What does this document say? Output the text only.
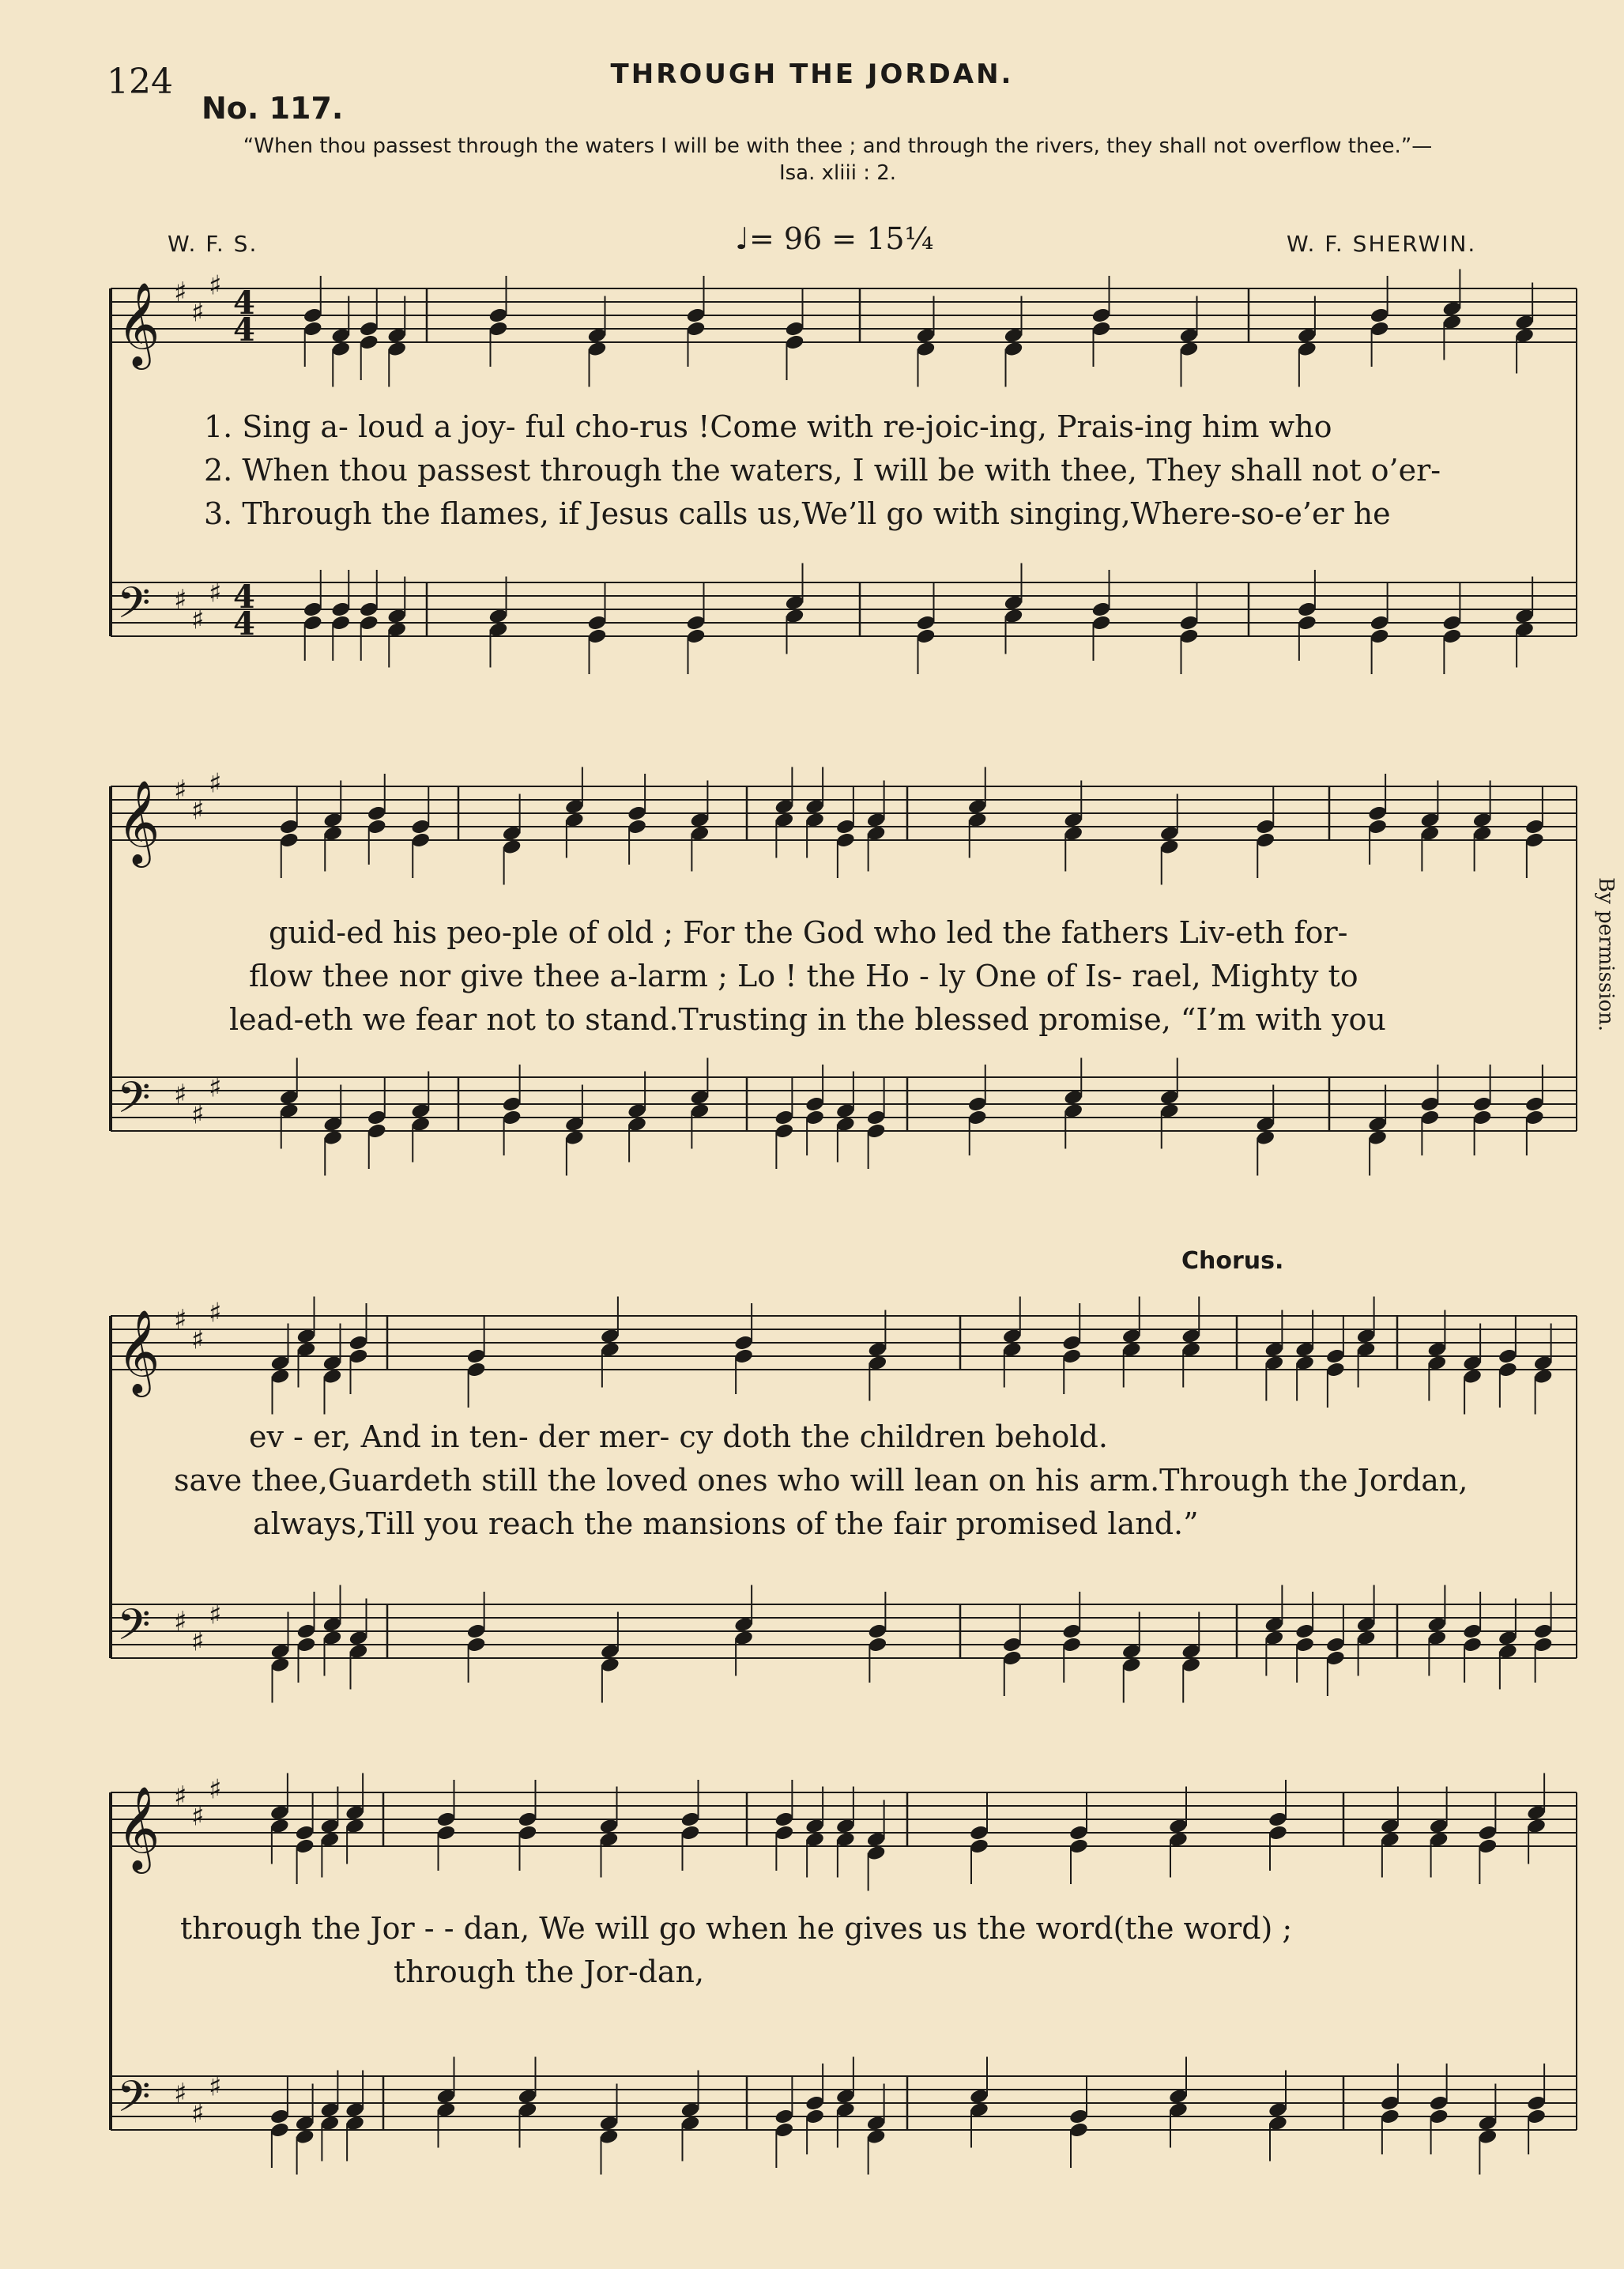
124	THROUGH THE JORDAN.
No. 117.
“When thou passest through the waters I will be with thee ; and through the rivers, they shall not overflow thee.”—
Isa. xliii : 2.
W. F. S.	♩= 96 = 15¼	W. F. SHERWIN.
By permission.
1. Sing a- loud a joy- ful cho-rus !Come with re-joic-ing, Prais-ing him who
2. When thou passest through the waters, I will be with thee, They shall not o’er-
3. Through the flames, if Jesus calls us,We’ll go with singing,Where-so-e’er he
guid-ed his peo-ple of old ; For the God who led the fathers Liv-eth for-
flow thee nor give thee a-larm ; Lo ! the Ho - ly One of Is- rael, Mighty to
lead-eth we fear not to stand.Trusting in the blessed promise, “I’m with you
Chorus.
ev - er, And in ten- der mer- cy doth the children behold.
save thee,Guardeth still the loved ones who will lean on his arm.Through the Jordan,
always,Till you reach the mansions of the fair promised land.”
through the Jor - - dan, We will go when he gives us the word(the word) ;
through the Jor-dan,
𝄞
𝄢
♯
♯
♯
♯
♯
♯
4
4
4
4
𝄞
𝄢
♯
♯
♯
♯
♯
♯
𝄞
𝄢
♯
♯
♯
♯
♯
♯
𝄞
𝄢
♯
♯
♯
♯
♯
♯
